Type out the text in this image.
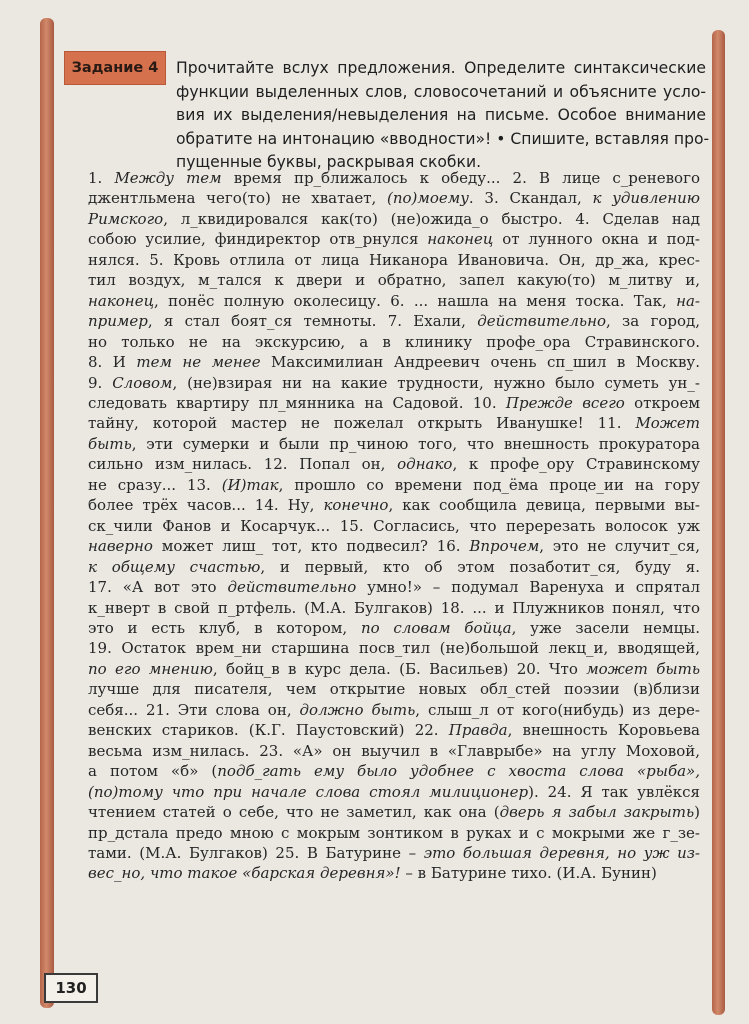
Задание 4	Прочитайте вслух предложения. Определите синтаксические
функции выделенных слов, словосочетаний и объясните усло-
вия их выделения/невыделения на письме. Особое внимание
обратите на интонацию «вводности»! • Спишите, вставляя про-
пущенные буквы, раскрывая скобки.
1. Между тем время пр_ближалось к обеду... 2. В лице с_реневого
джентльмена чего(то) не хватает, (по)моему. 3. Скандал, к удивлению
Римского, л_квидировался как(то) (не)ожида_о быстро. 4. Сделав над
собою усилие, финдиректор отв_рнулся наконец от лунного окна и под-
нялся. 5. Кровь отлила от лица Никанора Ивановича. Он, др_жа, крес-
тил воздух, м_тался к двери и обратно, запел какую(то) м_литву и,
наконец, понёс полную околесицу. 6. ... нашла на меня тоска. Так, на-
пример, я стал боят_ся темноты. 7. Ехали, действительно, за город,
но только не на экскурсию, а в клинику профе_ора Стравинского.
8. И тем не менее Максимилиан Андреевич очень сп_шил в Москву.
9. Словом, (не)взирая ни на какие трудности, нужно было суметь ун_-
следовать квартиру пл_мянника на Садовой. 10. Прежде всего откроем
тайну, которой мастер не пожелал открыть Иванушке! 11. Может
быть, эти сумерки и были пр_чиною того, что внешность прокуратора
сильно изм_нилась. 12. Попал он, однако, к профе_ору Стравинскому
не сразу... 13. (И)так, прошло со времени под_ёма проце_ии на гору
более трёх часов... 14. Ну, конечно, как сообщила девица, первыми вы-
ск_чили Фанов и Косарчук... 15. Согласись, что перерезать волосок уж
наверно может лиш_ тот, кто подвесил? 16. Впрочем, это не случит_ся,
к общему счастью, и первый, кто об этом позаботит_ся, буду я.
17. «А вот это действительно умно!» – подумал Варенуха и спрятал
к_нверт в свой п_ртфель. (М.А. Булгаков) 18. ... и Плужников понял, что
это и есть клуб, в котором, по словам бойца, уже засели немцы.
19. Остаток врем_ни старшина посв_тил (не)большой лекц_и, вводящей,
по его мнению, бойц_в в курс дела. (Б. Васильев) 20. Что может быть
лучше для писателя, чем открытие новых обл_стей поэзии (в)близи
себя... 21. Эти слова он, должно быть, слыш_л от кого(нибудь) из дере-
венских стариков. (К.Г. Паустовский) 22. Правда, внешность Коровьева
весьма изм_нилась. 23. «А» он выучил в «Главрыбе» на углу Моховой,
а потом «б» (подб_гать ему было удобнее с хвоста слова «рыба»,
(по)тому что при начале слова стоял милиционер). 24. Я так увлёкся
чтением статей о себе, что не заметил, как она (дверь я забыл закрыть)
пр_дстала предо мною с мокрым зонтиком в руках и с мокрыми же г_зе-
тами. (М.А. Булгаков) 25. В Батурине – это большая деревня, но уж из-
вес_но, что такое «барская деревня»! – в Батурине тихо. (И.А. Бунин)
130
